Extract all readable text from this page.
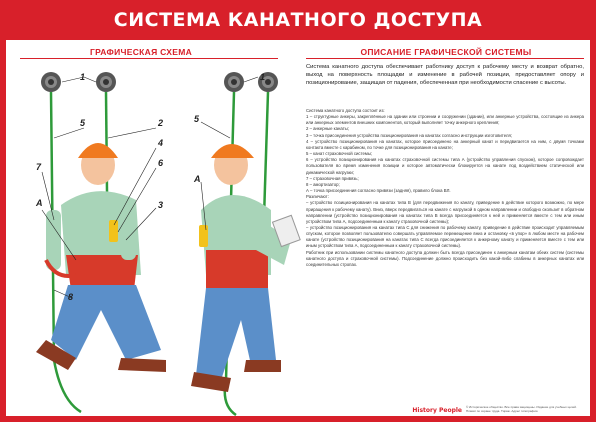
СИСТЕМА КАНАТНОГО ДОСТУПА
ГРАФИЧЕСКАЯ СХЕМА	ОПИСАНИЕ ГРАФИЧЕСКОЙ СИСТЕМЫ
1
5	2
4
6
3
7
А
8
1
5
А
Система канатного доступа обеспечивает работнику доступ к рабочему месту и возврат обратно, выход на поверхность площадки и изменение в рабочей позиции, предоставляет опору и позиционирование, защищая от падения, обеспеченная при необходимости спасение с высоты.

Система канатного доступа состоит из:

1 – структурные анкеры, закреплённые на здании или строении и сооружении (здании), или анкерные устройства, состоящие из анкера или анкерных элементов внешних компонентов, который выполняет точку анкерного крепления;

2 – анкерные канаты;

3 – точка присоединения устройства позиционирования на канатах согласно инструкции изготовителя;

4 – устройство позиционирования на канатах, которое присоединено на анкерный канат и передвигается на ним, с двумя точками контакта вместе с карабином, по точке для позиционирования на канате;

5 – канат страховочной системы;

6 – устройство позиционирования на канатах страховочной системы типа А (устройство управления спуском), которое сопровождает пользователя во время изменения позиции и которое автоматически блокируется на канате под воздействием статической или динамической нагрузки;

7 – страховочная привязь;

8 – амортизатор;

А – точка присоединения согласно привязи (задняя), правило блока ВЛ.

Различают:

– устройство позиционирования на канатах типа В (для передвижения по канату, приведение в действие которого возможно, по мере приращения к рабочему канату). Вниз, вверх передвигаться на канате с нагрузкой в одном направлении и свободно скользит в обратном направлении (устройство позиционирования на канатах типа В всегда присоединяется к ней и применяется вместе с тем или иным устройством типа А, подсоединенным к канату страховочной системы);

– устройство позиционирования на канатах типа С для снижения по рабочему канату, приведение в действие происходит управляемым спуском, которое позволяет пользователю совершать управляемое перемещение вниз и остановку «в упор» в любом месте на рабочем канате (устройство позиционирования на канатах типа С всегда присоединяется к анкерному канату и применяется вместе с тем или иным устройством типа А, подсоединенным к канату страховочной системы).

Работник при использовании системы канатного доступа должен быть всегда присоединен к анкерным канатам обеих систем (системы канатного доступа и страховочной системы). Подсоединение должно происходить без какой-либо слабины в анкерных канатах или соединительных стропах.

History People © Историческое общество. Все права защищены. Издание для учебных целей. Плакат по охране труда. Тираж. Адрес типографии.
